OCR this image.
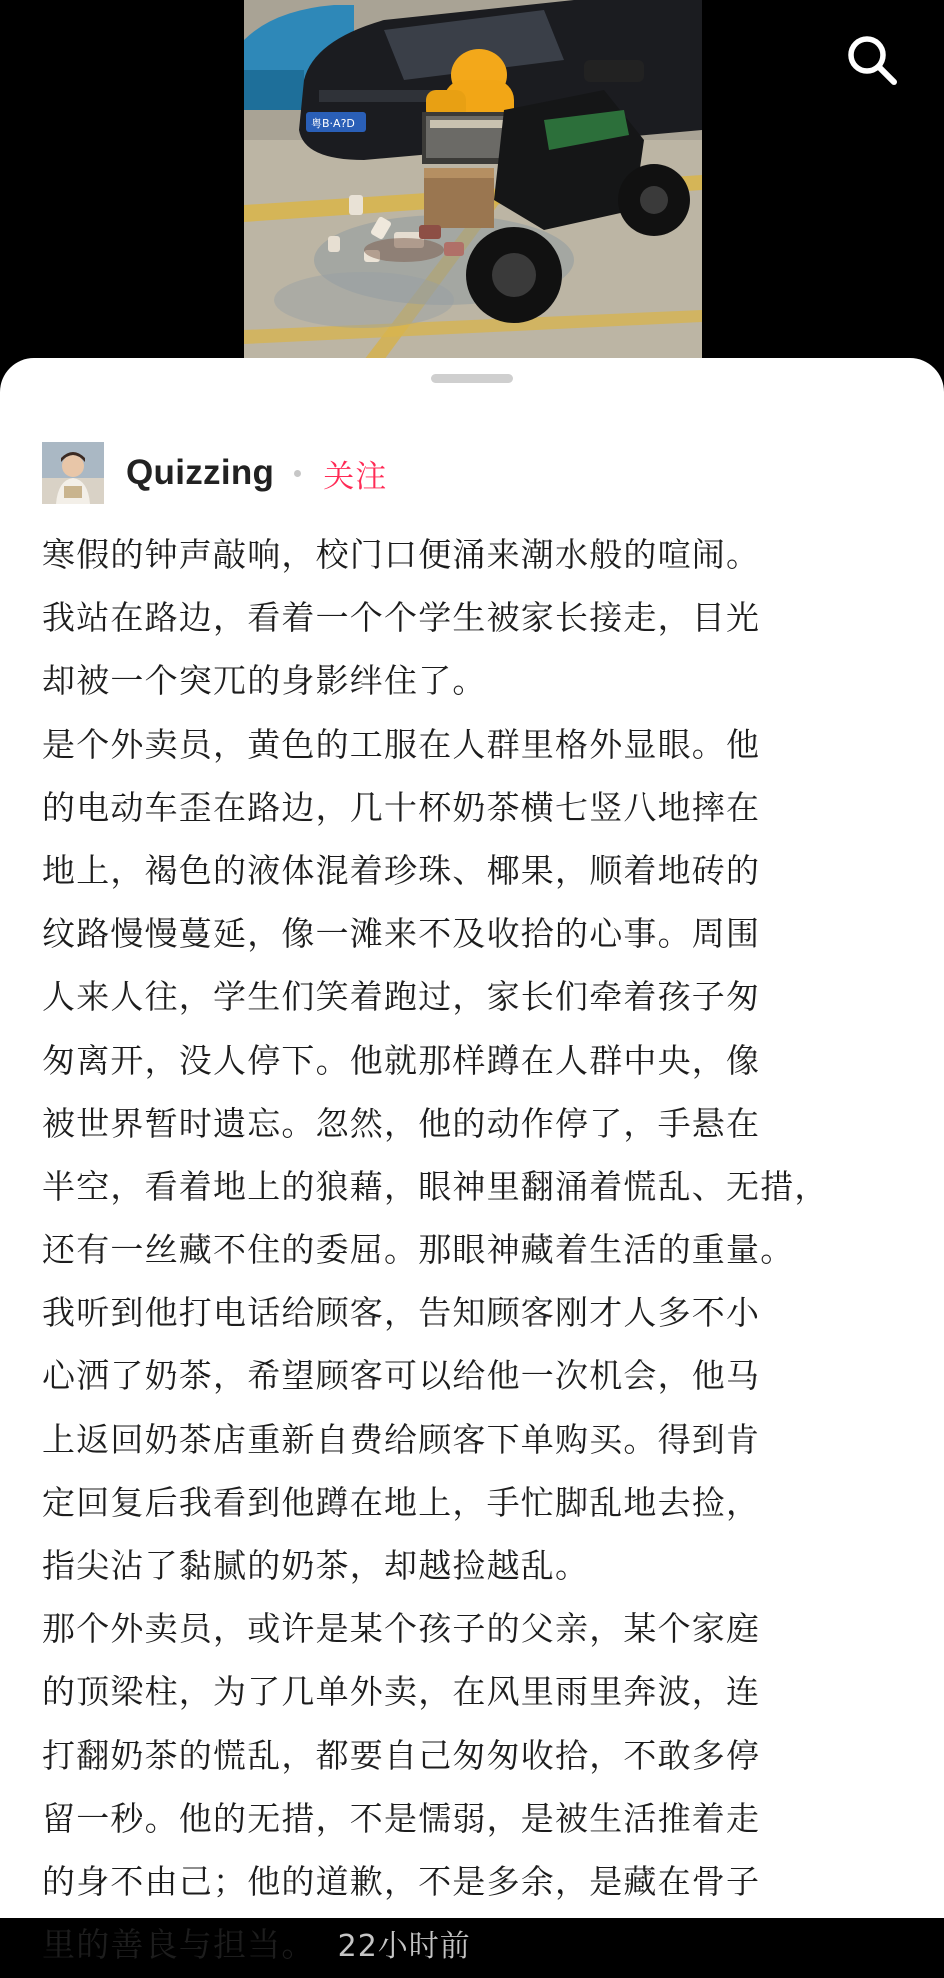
粤B·A?D
Quizzing 关注
寒假的钟声敲响，校门口便涌来潮水般的喧闹。
我站在路边，看着一个个学生被家长接走，目光
却被一个突兀的身影绊住了。
是个外卖员，黄色的工服在人群里格外显眼。他
的电动车歪在路边，几十杯奶茶横七竖八地摔在
地上，褐色的液体混着珍珠、椰果，顺着地砖的
纹路慢慢蔓延，像一滩来不及收拾的心事。周围
人来人往，学生们笑着跑过，家长们牵着孩子匆
匆离开，没人停下。他就那样蹲在人群中央，像
被世界暂时遗忘。忽然，他的动作停了，手悬在
半空，看着地上的狼藉，眼神里翻涌着慌乱、无措，
还有一丝藏不住的委屈。那眼神藏着生活的重量。
我听到他打电话给顾客，告知顾客刚才人多不小
心洒了奶茶，希望顾客可以给他一次机会，他马
上返回奶茶店重新自费给顾客下单购买。得到肯
定回复后我看到他蹲在地上，手忙脚乱地去捡，
指尖沾了黏腻的奶茶，却越捡越乱。
那个外卖员，或许是某个孩子的父亲，某个家庭
的顶梁柱，为了几单外卖，在风里雨里奔波，连
打翻奶茶的慌乱，都要自己匆匆收拾，不敢多停
留一秒。他的无措，不是懦弱，是被生活推着走
的身不由己；他的道歉，不是多余，是藏在骨子
里的善良与担当。 22小时前
